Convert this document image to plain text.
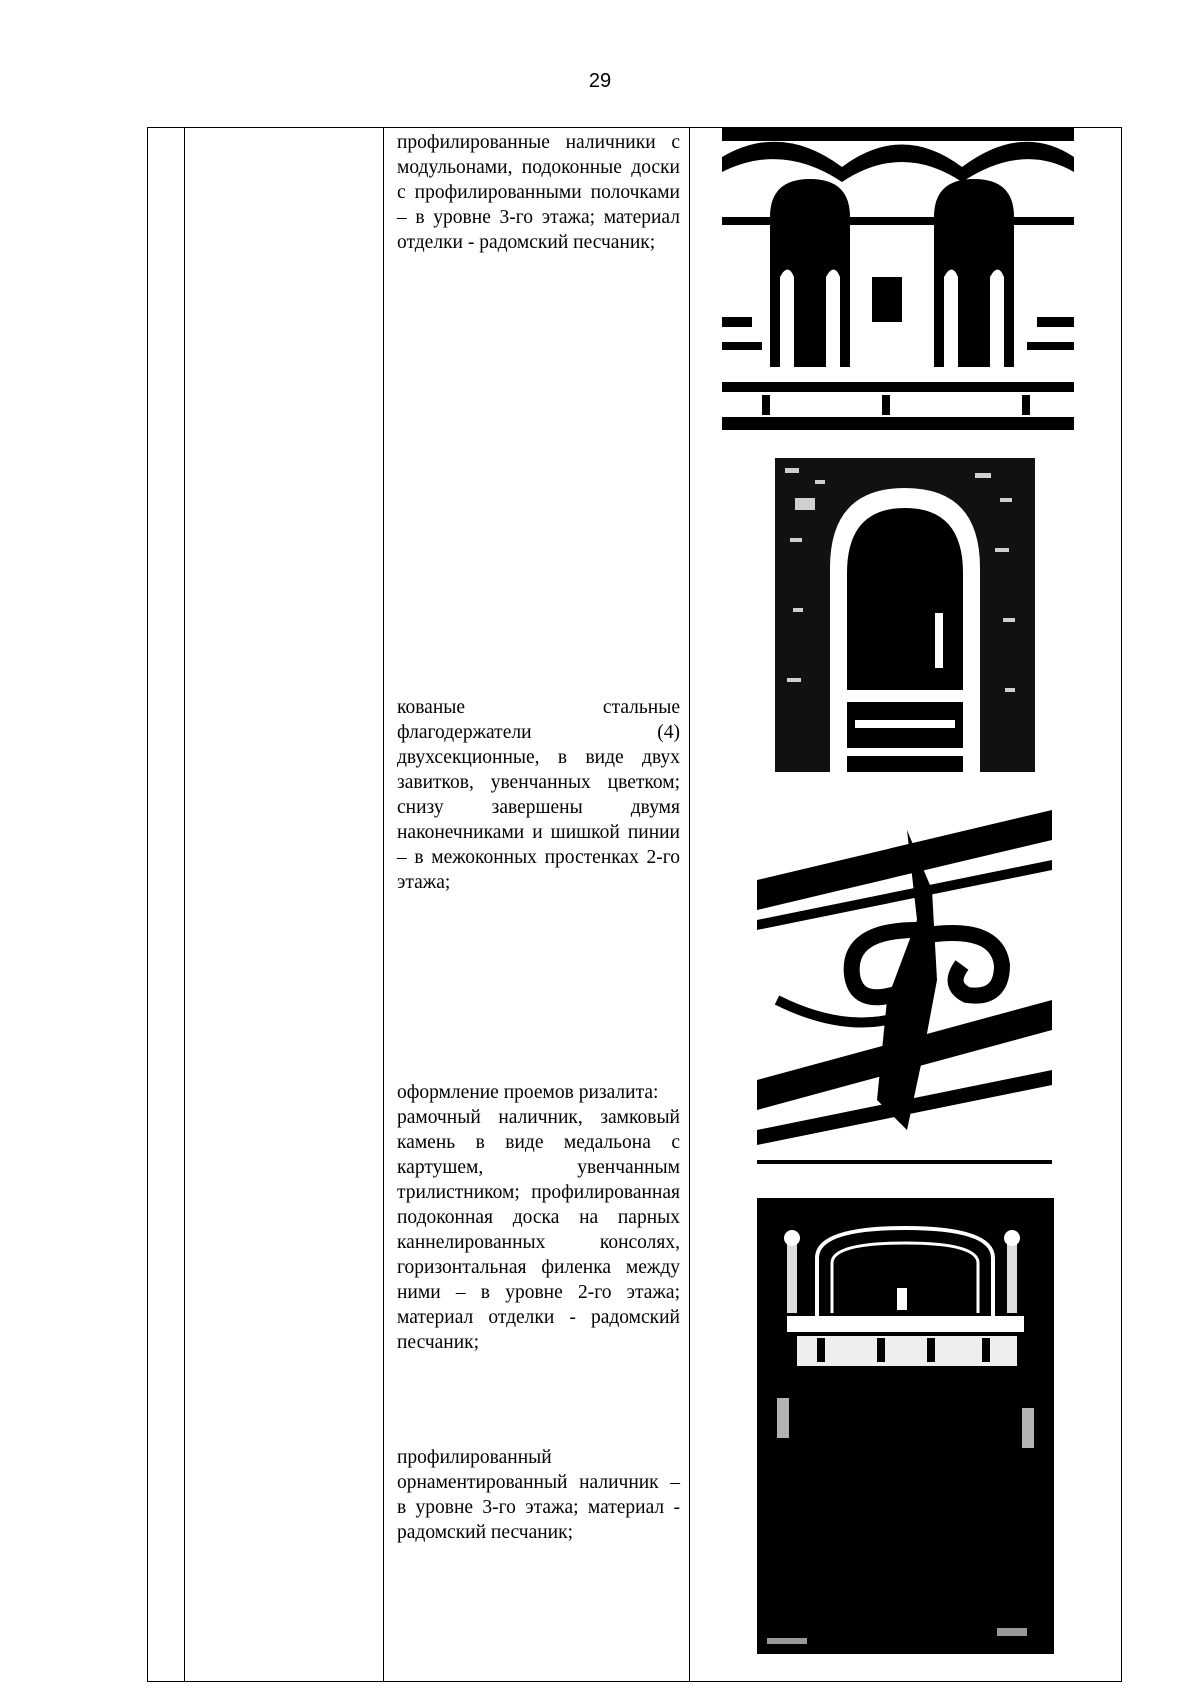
29

профилированные наличники с модульонами, подоконные доски с профилированными полочками – в уровне 3-го этажа; материал отделки - радомский песчаник;

кованые стальные флагодержатели (4) двухсекционные, в виде двух завитков, увенчанных цветком; снизу завершены двумя наконечниками и шишкой пинии – в межоконных простенках 2-го этажа;

оформление проемов ризалита:

рамочный наличник, замковый камень в виде медальона с картушем, увенчанным трилистником; профилированная подоконная доска на парных каннелированных консолях, горизонтальная филенка между ними – в уровне 2-го этажа; материал отделки - радомский песчаник;

профилированный орнаментированный наличник – в уровне 3-го этажа; материал - радомский песчаник;
